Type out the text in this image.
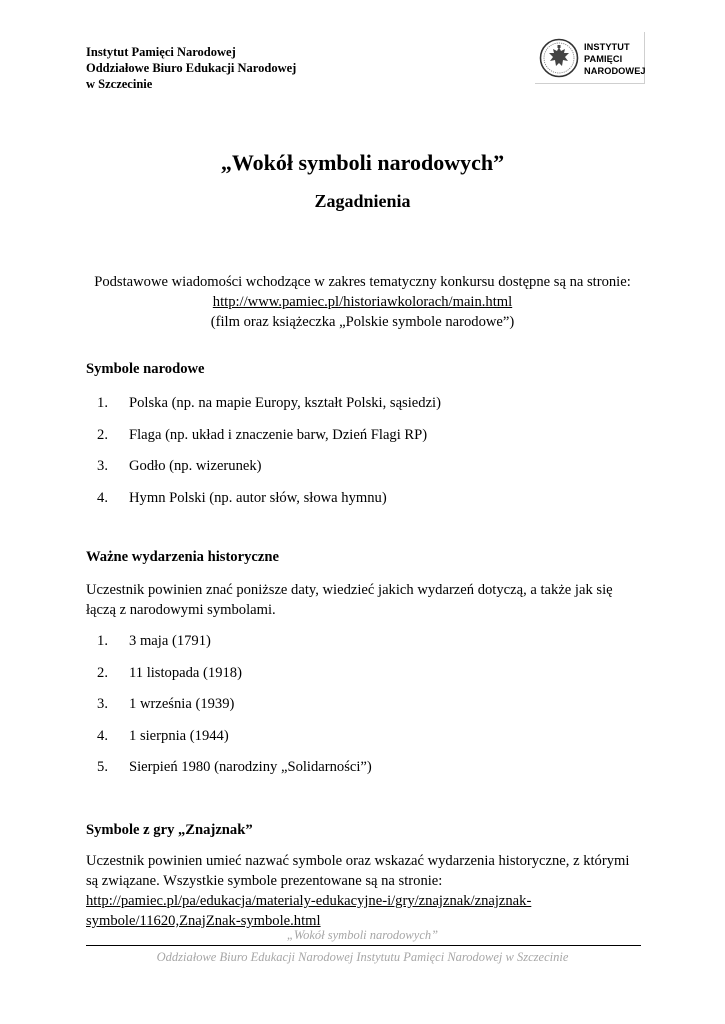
Instytut Pamięci Narodowej
Oddziałowe Biuro Edukacji Narodowej
w Szczecinie
INSTYTUT
PAMIĘCI
NARODOWEJ
„Wokół symboli narodowych”
Zagadnienia
Podstawowe wiadomości wchodzące w zakres tematyczny konkursu dostępne są na stronie:
http://www.pamiec.pl/historiawkolorach/main.html
(film oraz książeczka „Polskie symbole narodowe”)
Symbole narodowe
1. Polska (np. na mapie Europy, kształt Polski, sąsiedzi)
2. Flaga (np. układ i znaczenie barw, Dzień Flagi RP)
3. Godło (np. wizerunek)
4. Hymn Polski (np. autor słów, słowa hymnu)
Ważne wydarzenia historyczne
Uczestnik powinien znać poniższe daty, wiedzieć jakich wydarzeń dotyczą, a także jak się
łączą z narodowymi symbolami.
1. 3 maja (1791)
2. 11 listopada (1918)
3. 1 września (1939)
4. 1 sierpnia (1944)
5. Sierpień 1980 (narodziny „Solidarności”)
Symbole z gry „Znajznak”
Uczestnik powinien umieć nazwać symbole oraz wskazać wydarzenia historyczne, z którymi
są związane. Wszystkie symbole prezentowane są na stronie:
http://pamiec.pl/pa/edukacja/materialy-edukacyjne-i/gry/znajznak/znajznak-
symbole/11620,ZnajZnak-symbole.html
„Wokół symboli narodowych”
Oddziałowe Biuro Edukacji Narodowej Instytutu Pamięci Narodowej w Szczecinie
